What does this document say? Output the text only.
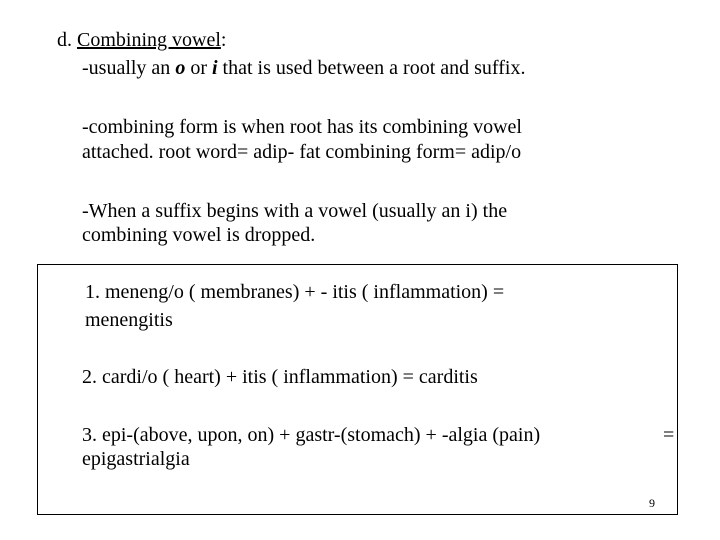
d. Combining vowel:
-usually an o or i that is used between a root and suffix.
-combining form is when root has its combining vowel
attached. root word= adip- fat combining form= adip/o
-When a suffix begins with a vowel (usually an i) the
combining vowel is dropped.
1. meneng/o ( membranes) + - itis ( inflammation) =
menengitis
2. cardi/o ( heart) + itis ( inflammation) = carditis
3. epi-(above, upon, on) + gastr-(stomach) + -algia (pain)	=
epigastrialgia
9
